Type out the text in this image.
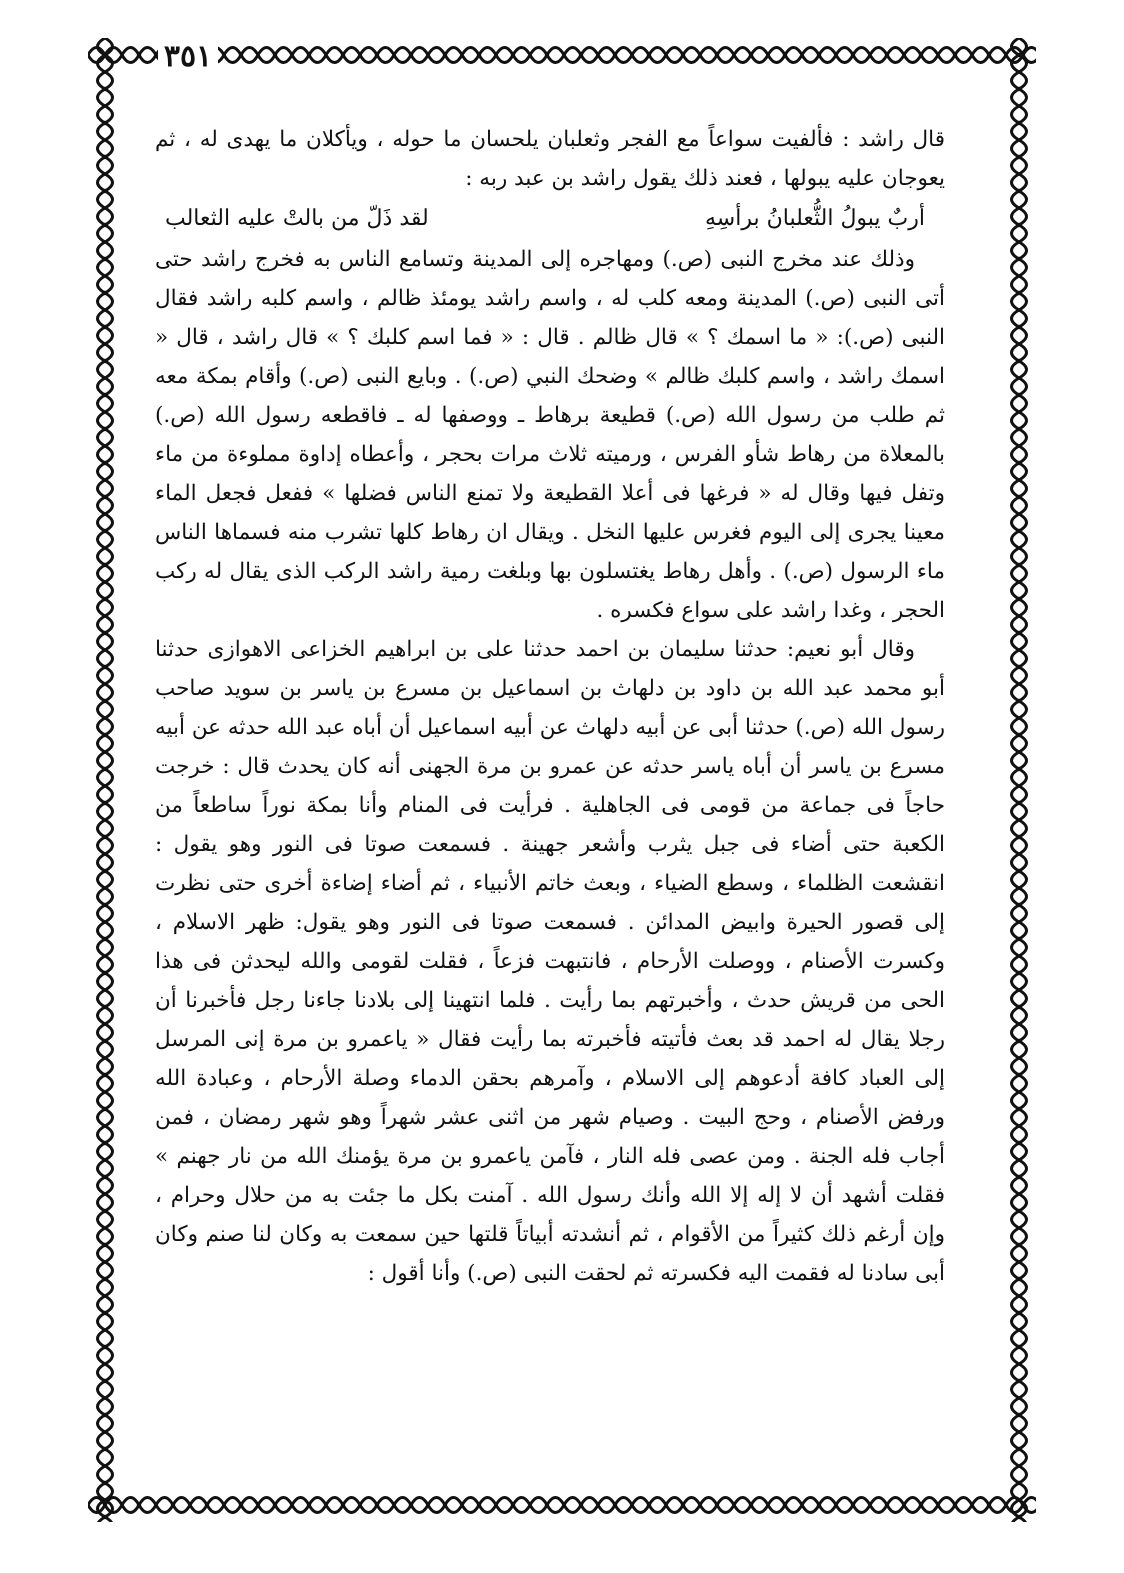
٣٥١

قال راشد : فألفيت سواعاً مع الفجر وثعلبان يلحسان ما حوله ، ويأكلان ما يهدى له ، ثم يعوجان عليه يبولها ، فعند ذلك يقول راشد بن عبد ربه :

أربٌ يبولُ الثُّعلبانُ برأسِهِ
لقد ذَلّ من بالتْ عليه الثعالب

وذلك عند مخرج النبى (ص.) ومهاجره إلى المدينة وتسامع الناس به فخرج راشد حتى أتى النبى (ص.) المدينة ومعه كلب له ، واسم راشد يومئذ ظالم ، واسم كلبه راشد فقال النبى (ص.): « ما اسمك ؟ » قال ظالم . قال : « فما اسم كلبك ؟ » قال راشد ، قال « اسمك راشد ، واسم كلبك ظالم » وضحك النبي (ص.) . وبايع النبى (ص.) وأقام بمكة معه ثم طلب من رسول الله (ص.) قطيعة برهاط ـ ووصفها له ـ فاقطعه رسول الله (ص.) بالمعلاة من رهاط شأو الفرس ، ورميته ثلاث مرات بحجر ، وأعطاه إداوة مملوءة من ماء وتفل فيها وقال له « فرغها فى أعلا القطيعة ولا تمنع الناس فضلها » ففعل فجعل الماء معينا يجرى إلى اليوم فغرس عليها النخل . ويقال ان رهاط كلها تشرب منه فسماها الناس ماء الرسول (ص.) . وأهل رهاط يغتسلون بها وبلغت رمية راشد الركب الذى يقال له ركب الحجر ، وغدا راشد على سواع فكسره .

وقال أبو نعيم: حدثنا سليمان بن احمد حدثنا على بن ابراهيم الخزاعى الاهوازى حدثنا أبو محمد عبد الله بن داود بن دلهاث بن اسماعيل بن مسرع بن ياسر بن سويد صاحب رسول الله (ص.) حدثنا أبى عن أبيه دلهاث عن أبيه اسماعيل أن أباه عبد الله حدثه عن أبيه مسرع بن ياسر أن أباه ياسر حدثه عن عمرو بن مرة الجهنى أنه كان يحدث قال : خرجت حاجاً فى جماعة من قومى فى الجاهلية . فرأيت فى المنام وأنا بمكة نوراً ساطعاً من الكعبة حتى أضاء فى جبل يثرب وأشعر جهينة . فسمعت صوتا فى النور وهو يقول : انقشعت الظلماء ، وسطع الضياء ، وبعث خاتم الأنبياء ، ثم أضاء إضاءة أخرى حتى نظرت إلى قصور الحيرة وابيض المدائن . فسمعت صوتا فى النور وهو يقول: ظهر الاسلام ، وكسرت الأصنام ، ووصلت الأرحام ، فانتبهت فزعاً ، فقلت لقومى والله ليحدثن فى هذا الحى من قريش حدث ، وأخبرتهم بما رأيت . فلما انتهينا إلى بلادنا جاءنا رجل فأخبرنا أن رجلا يقال له احمد قد بعث فأتيته فأخبرته بما رأيت فقال « ياعمرو بن مرة إنى المرسل إلى العباد كافة أدعوهم إلى الاسلام ، وآمرهم بحقن الدماء وصلة الأرحام ، وعبادة الله ورفض الأصنام ، وحج البيت . وصيام شهر من اثنى عشر شهراً وهو شهر رمضان ، فمن أجاب فله الجنة . ومن عصى فله النار ، فآمن ياعمرو بن مرة يؤمنك الله من نار جهنم » فقلت أشهد أن لا إله إلا الله وأنك رسول الله . آمنت بكل ما جئت به من حلال وحرام ، وإن أرغم ذلك كثيراً من الأقوام ، ثم أنشدته أبياتاً قلتها حين سمعت به وكان لنا صنم وكان أبى سادنا له فقمت اليه فكسرته ثم لحقت النبى (ص.) وأنا أقول :
